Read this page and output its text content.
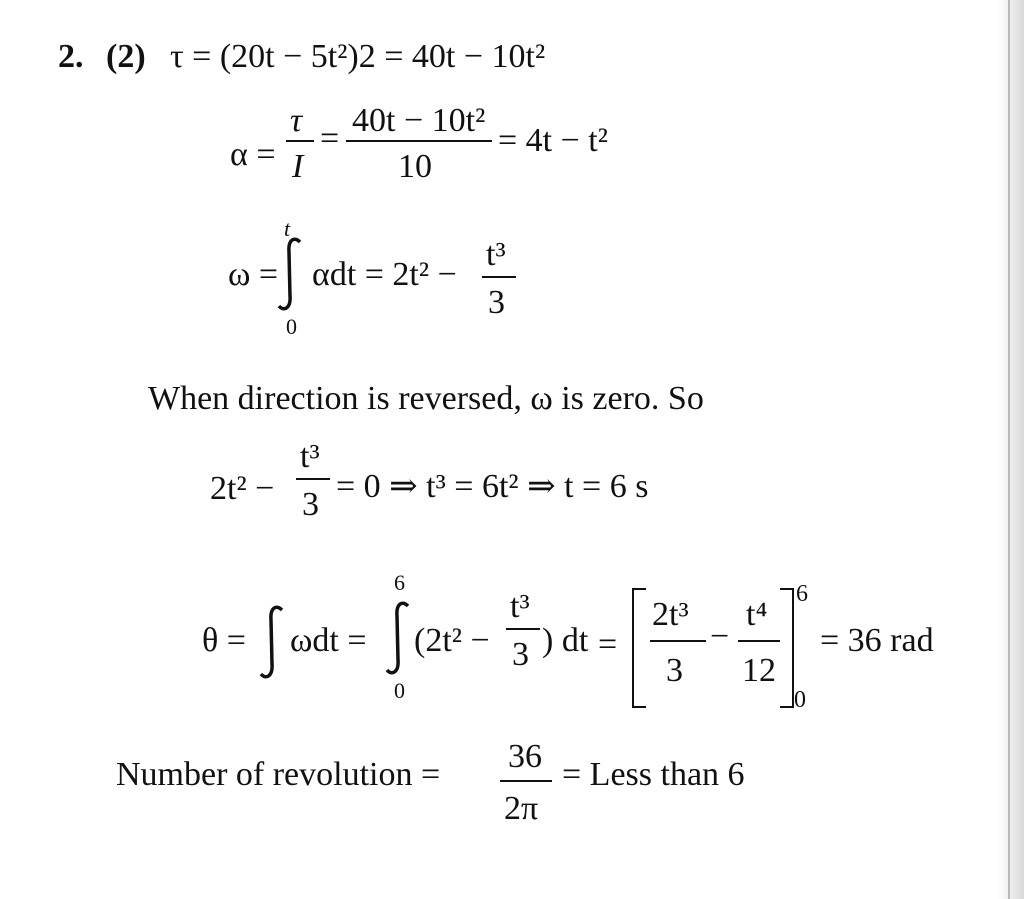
2. (2) τ = (20t − 5t²)2 = 40t − 10t²
α =
τ
I
= 40t − 10t²
10
= 4t − t²
ω =
t
0
αdt = 2t² −
t³
3
When direction is reversed, ω is zero. So
2t² −
t³
3 = 0 ⇒ t³ = 6t² ⇒ t = 6 s
θ = ωdt =
6
0
(2t² −
t³
3 ) dt =
2t³
3
−
t⁴
12
6
0
= 36 rad
Number of revolution = 36
2π
= Less than 6
